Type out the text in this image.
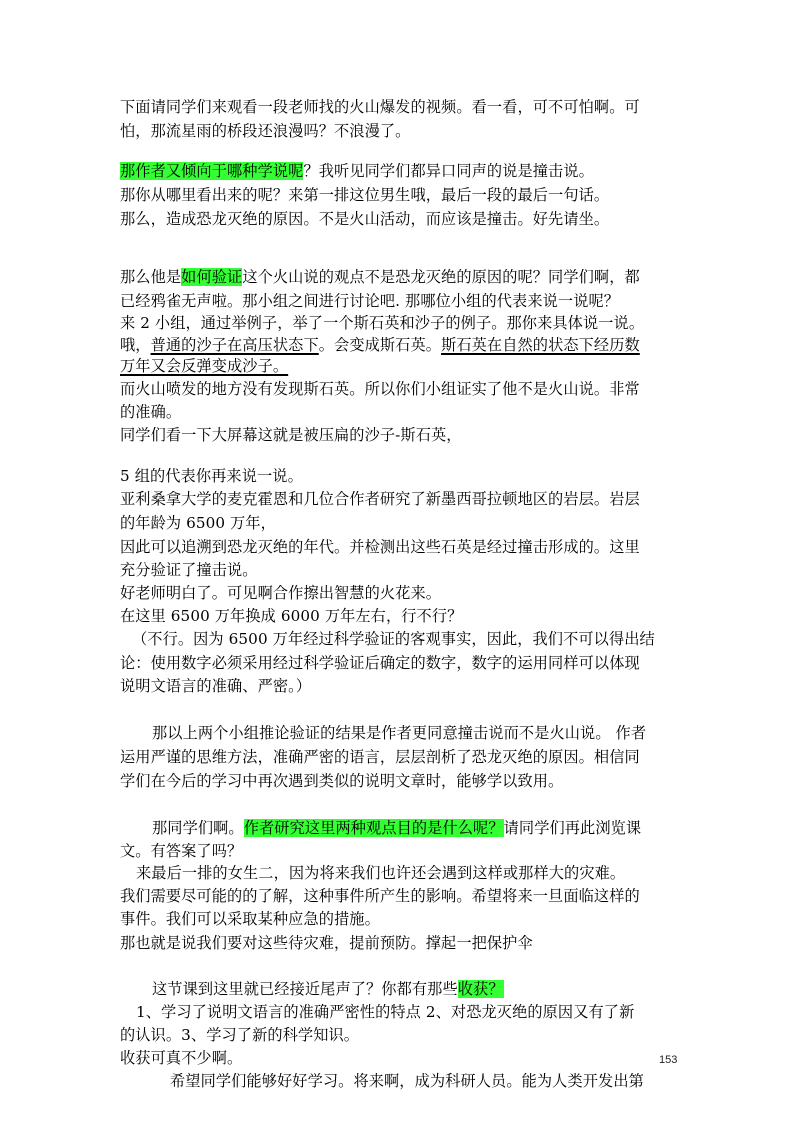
下面请同学们来观看一段老师找的火山爆发的视频。看一看，可不可怕啊。可
怕，那流星雨的桥段还浪漫吗？不浪漫了。
那作者又倾向于哪种学说呢？我听见同学们都异口同声的说是撞击说。
那你从哪里看出来的呢？来第一排这位男生哦，最后一段的最后一句话。
那么，造成恐龙灭绝的原因。不是火山活动，而应该是撞击。好先请坐。
那么他是如何验证这个火山说的观点不是恐龙灭绝的原因的呢？同学们啊，都
已经鸦雀无声啦。那小组之间进行讨论吧. 那哪位小组的代表来说一说呢？
来 2 小组，通过举例子，举了一个斯石英和沙子的例子。那你来具体说一说。
哦，普通的沙子在高压状态下。会变成斯石英。斯石英在自然的状态下经历数
万年又会反弹变成沙子。
而火山喷发的地方没有发现斯石英。所以你们小组证实了他不是火山说。非常
的准确。
同学们看一下大屏幕这就是被压扁的沙子-斯石英，
5 组的代表你再来说一说。
亚利桑拿大学的麦克霍恩和几位合作者研究了新墨西哥拉顿地区的岩层。岩层
的年龄为 6500 万年，
因此可以追溯到恐龙灭绝的年代。并检测出这些石英是经过撞击形成的。这里
充分验证了撞击说。
好老师明白了。可见啊合作擦出智慧的火花来。
在这里 6500 万年换成 6000 万年左右，行不行？
（不行。因为 6500 万年经过科学验证的客观事实，因此，我们不可以得出结
论：使用数字必须采用经过科学验证后确定的数字，数字的运用同样可以体现
说明文语言的准确、严密。）
那以上两个小组推论验证的结果是作者更同意撞击说而不是火山说。 作者
运用严谨的思维方法，准确严密的语言，层层剖析了恐龙灭绝的原因。相信同
学们在今后的学习中再次遇到类似的说明文章时，能够学以致用。
那同学们啊。作者研究这里两种观点目的是什么呢？请同学们再此浏览课
文。有答案了吗？
来最后一排的女生二，因为将来我们也许还会遇到这样或那样大的灾难。
我们需要尽可能的的了解，这种事件所产生的影响。希望将来一旦面临这样的
事件。我们可以采取某种应急的措施。
那也就是说我们要对这些待灾难，提前预防。撑起一把保护伞
这节课到这里就已经接近尾声了？你都有那些收获？
1、学习了说明文语言的准确严密性的特点 2、对恐龙灭绝的原因又有了新
的认识。3、学习了新的科学知识。
收获可真不少啊。
希望同学们能够好好学习。将来啊，成为科研人员。能为人类开发出第
153
